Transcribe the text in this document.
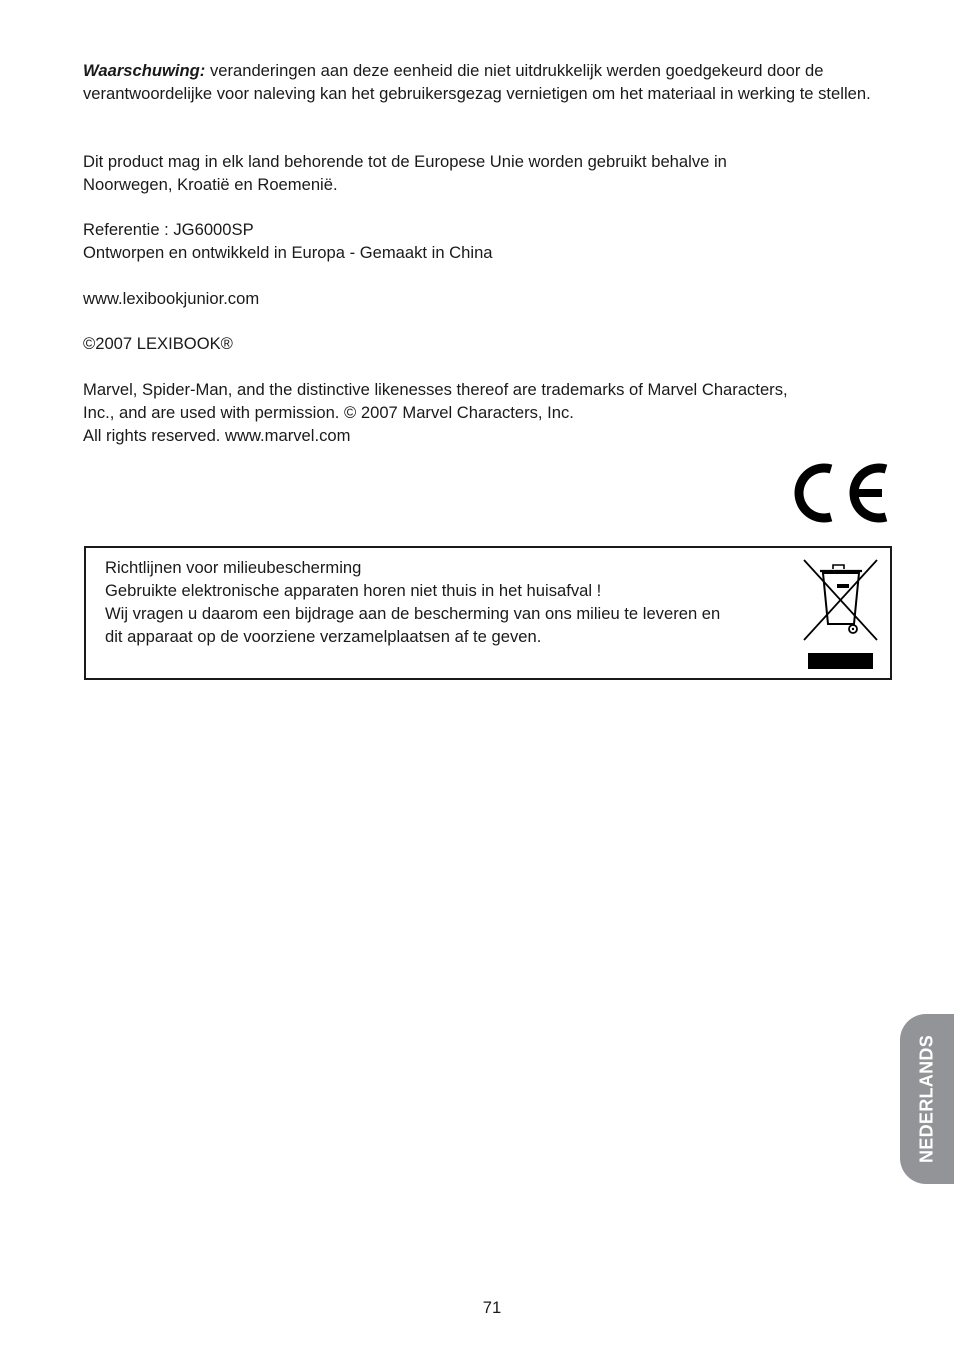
Waarschuwing: veranderingen aan deze eenheid die niet uitdrukkelijk werden goedgekeurd door de verantwoordelijke voor naleving kan het gebruikersgezag vernietigen om het materiaal in werking te stellen.

Dit product mag in elk land behorende tot de Europese Unie worden gebruikt behalve in

Noorwegen, Kroatië en Roemenië.

Referentie : JG6000SP

Ontworpen en ontwikkeld in Europa - Gemaakt in China

www.lexibookjunior.com

©2007 LEXIBOOK®

Marvel, Spider-Man, and the distinctive likenesses thereof are trademarks of Marvel Characters,

Inc., and are used with permission. © 2007 Marvel Characters, Inc.

All rights reserved. www.marvel.com

Richtlijnen voor milieubescherming

Gebruikte elektronische apparaten horen niet thuis in het huisafval !

Wij vragen u daarom een bijdrage aan de bescherming van ons milieu te leveren en

dit apparaat op de voorziene verzamelplaatsen af te geven.

NEDERLANDS
71
